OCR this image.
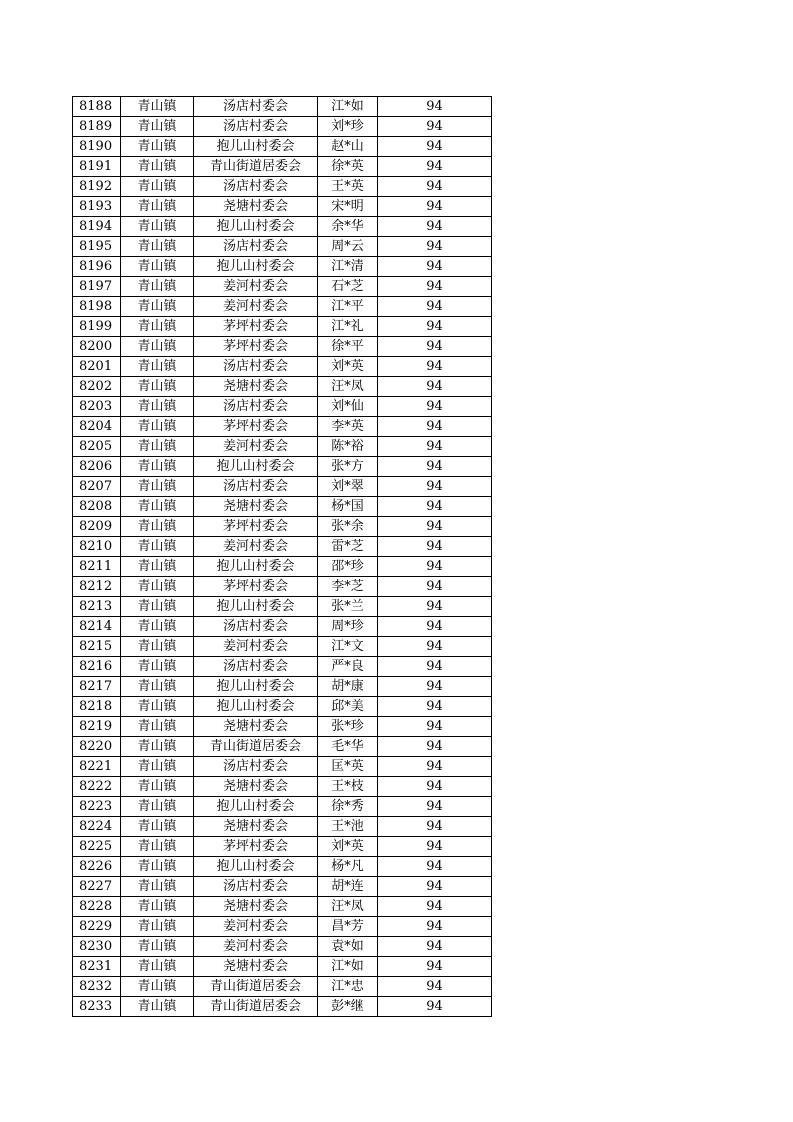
8188	青山镇	汤店村委会	江*如	94
8189	青山镇	汤店村委会	刘*珍	94
8190	青山镇	抱儿山村委会	赵*山	94
8191	青山镇	青山街道居委会	徐*英	94
8192	青山镇	汤店村委会	王*英	94
8193	青山镇	尧塘村委会	宋*明	94
8194	青山镇	抱儿山村委会	余*华	94
8195	青山镇	汤店村委会	周*云	94
8196	青山镇	抱儿山村委会	江*清	94
8197	青山镇	姜河村委会	石*芝	94
8198	青山镇	姜河村委会	江*平	94
8199	青山镇	茅坪村委会	江*礼	94
8200	青山镇	茅坪村委会	徐*平	94
8201	青山镇	汤店村委会	刘*英	94
8202	青山镇	尧塘村委会	汪*凤	94
8203	青山镇	汤店村委会	刘*仙	94
8204	青山镇	茅坪村委会	李*英	94
8205	青山镇	姜河村委会	陈*裕	94
8206	青山镇	抱儿山村委会	张*方	94
8207	青山镇	汤店村委会	刘*翠	94
8208	青山镇	尧塘村委会	杨*国	94
8209	青山镇	茅坪村委会	张*余	94
8210	青山镇	姜河村委会	雷*芝	94
8211	青山镇	抱儿山村委会	邵*珍	94
8212	青山镇	茅坪村委会	李*芝	94
8213	青山镇	抱儿山村委会	张*兰	94
8214	青山镇	汤店村委会	周*珍	94
8215	青山镇	姜河村委会	江*文	94
8216	青山镇	汤店村委会	严*良	94
8217	青山镇	抱儿山村委会	胡*康	94
8218	青山镇	抱儿山村委会	邱*美	94
8219	青山镇	尧塘村委会	张*珍	94
8220	青山镇	青山街道居委会	毛*华	94
8221	青山镇	汤店村委会	匡*英	94
8222	青山镇	尧塘村委会	王*枝	94
8223	青山镇	抱儿山村委会	徐*秀	94
8224	青山镇	尧塘村委会	王*池	94
8225	青山镇	茅坪村委会	刘*英	94
8226	青山镇	抱儿山村委会	杨*凡	94
8227	青山镇	汤店村委会	胡*连	94
8228	青山镇	尧塘村委会	汪*凤	94
8229	青山镇	姜河村委会	昌*芳	94
8230	青山镇	姜河村委会	袁*如	94
8231	青山镇	尧塘村委会	江*如	94
8232	青山镇	青山街道居委会	江*忠	94
8233	青山镇	青山街道居委会	彭*继	94
